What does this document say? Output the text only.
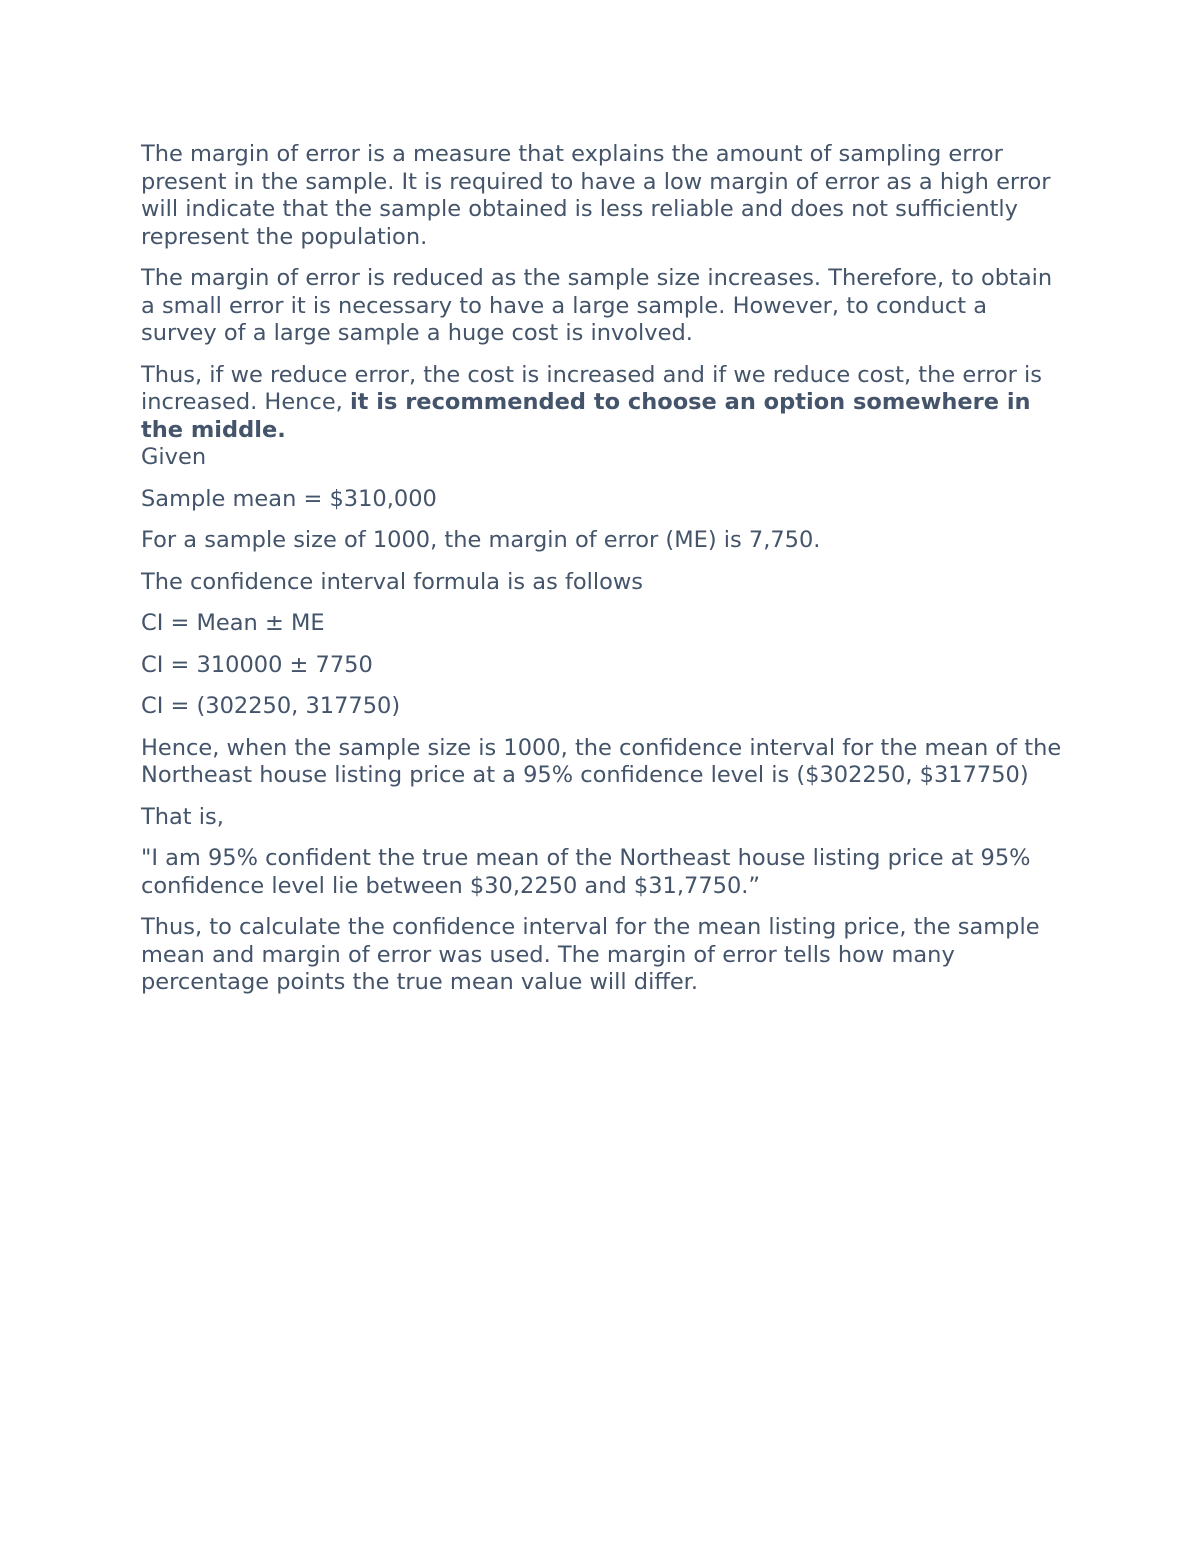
The margin of error is a measure that explains the amount of sampling error present in the sample. It is required to have a low margin of error as a high error will indicate that the sample obtained is less reliable and does not sufficiently represent the population.

The margin of error is reduced as the sample size increases. Therefore, to obtain a small error it is necessary to have a large sample. However, to conduct a survey of a large sample a huge cost is involved.

Thus, if we reduce error, the cost is increased and if we reduce cost, the error is increased. Hence, it is recommended to choose an option somewhere in the middle.

Given

Sample mean = $310,000

For a sample size of 1000, the margin of error (ME) is 7,750.

The confidence interval formula is as follows

CI = Mean ± ME

CI = 310000 ± 7750

CI = (302250, 317750)

Hence, when the sample size is 1000, the confidence interval for the mean of the Northeast house listing price at a 95% confidence level is ($302250, $317750)

That is,

"I am 95% confident the true mean of the Northeast house listing price at 95% confidence level lie between $30,2250 and $31,7750.”

Thus, to calculate the confidence interval for the mean listing price, the sample mean and margin of error was used. The margin of error tells how many percentage points the true mean value will differ.
